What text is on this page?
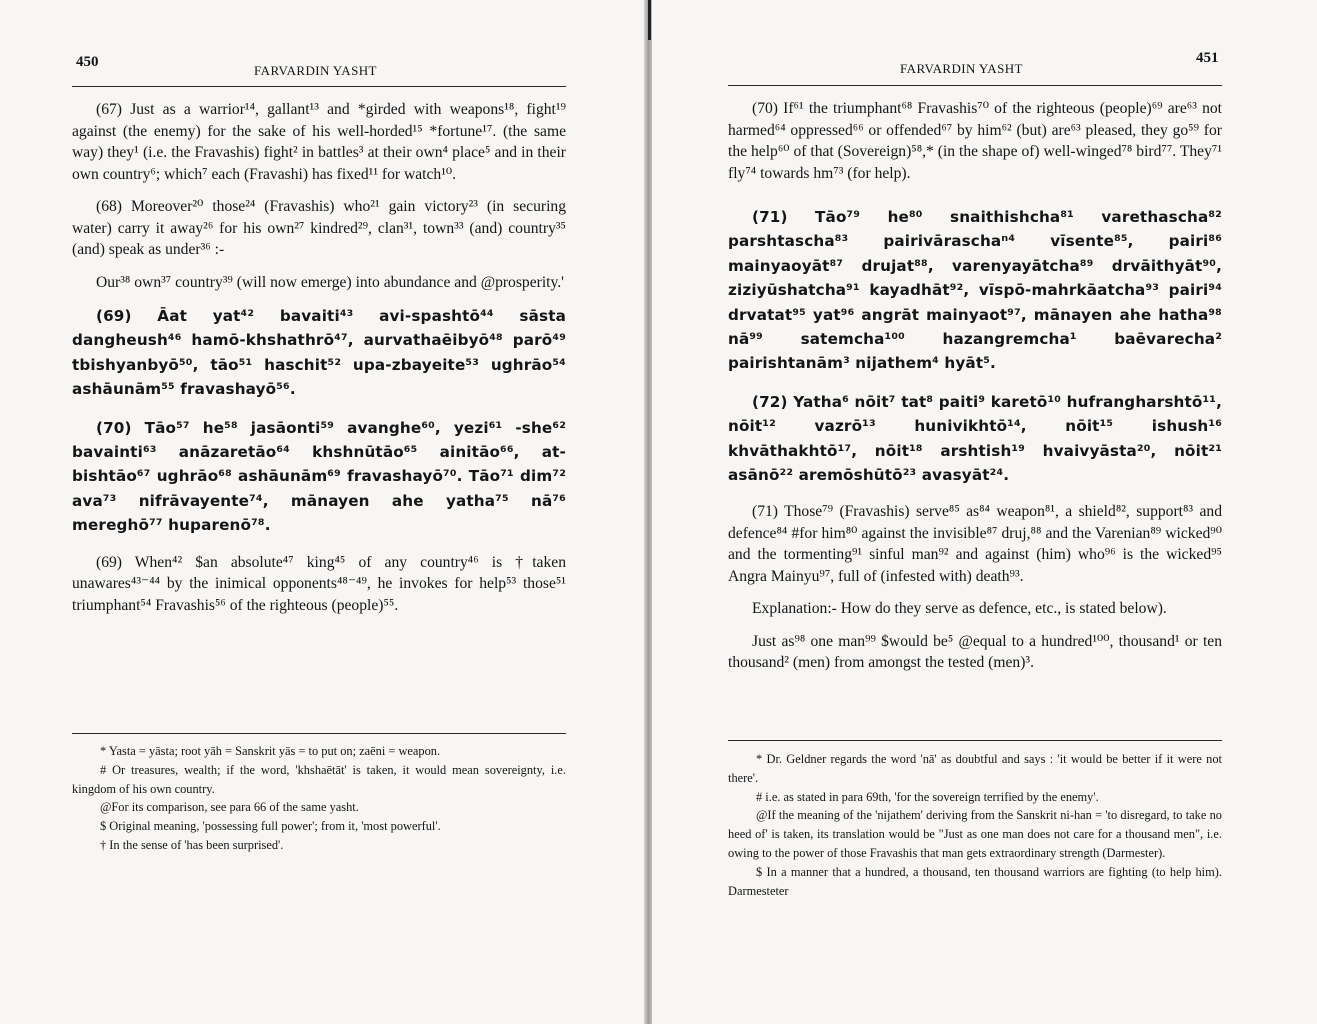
450
FARVARDIN YASHT

(67) Just as a warrior¹⁴, gallant¹³ and *girded with weapons¹⁸, fight¹⁹ against (the enemy) for the sake of his well-horded¹⁵ *fortune¹⁷. (the same way) they¹ (i.e. the Fravashis) fight² in battles³ at their own⁴ place⁵ and in their own country⁶; which⁷ each (Fravashi) has fixed¹¹ for watch¹⁰.

(68) Moreover²⁰ those²⁴ (Fravashis) who²¹ gain victory²³ (in securing water) carry it away²⁶ for his own²⁷ kindred²⁹, clan³¹, town³³ (and) country³⁵ (and) speak as under³⁶ :-

Our³⁸ own³⁷ country³⁹ (will now emerge) into abundance and @prosperity.'

(69) Āat yat⁴² bavaiti⁴³ avi-spashtō⁴⁴ sāsta dangheush⁴⁶ hamō-khshathrō⁴⁷, aurvathaēibyō⁴⁸ parō⁴⁹ tbishyanbyō⁵⁰, tāo⁵¹ haschit⁵² upa-zbayeite⁵³ ughrāo⁵⁴ ashāunām⁵⁵ fravashayō⁵⁶.

(70) Tāo⁵⁷ he⁵⁸ jasāonti⁵⁹ avanghe⁶⁰, yezi⁶¹ -she⁶² bavainti⁶³ anāzaretāo⁶⁴ khshnūtāo⁶⁵ ainitāo⁶⁶, at-bishtāo⁶⁷ ughrāo⁶⁸ ashāunām⁶⁹ fravashayō⁷⁰. Tāo⁷¹ dim⁷² ava⁷³ nifrāvayente⁷⁴, mānayen ahe yatha⁷⁵ nā⁷⁶ mereghō⁷⁷ huparenō⁷⁸.

(69) When⁴² $an absolute⁴⁷ king⁴⁵ of any country⁴⁶ is †taken unawares⁴³⁻⁴⁴ by the inimical opponents⁴⁸⁻⁴⁹, he invokes for help⁵³ those⁵¹ triumphant⁵⁴ Fravashis⁵⁶ of the righteous (people)⁵⁵.

* Yasta = yāsta; root yāh = Sanskrit yās = to put on; zaēni = weapon.

# Or treasures, wealth; if the word, 'khshaētāt' is taken, it would mean sovereignty, i.e. kingdom of his own country.

@For its comparison, see para 66 of the same yasht.

$ Original meaning, 'possessing full power'; from it, 'most powerful'.

† In the sense of 'has been surprised'.

451
FARVARDIN YASHT

(70) If⁶¹ the triumphant⁶⁸ Fravashis⁷⁰ of the righteous (people)⁶⁹ are⁶³ not harmed⁶⁴ oppressed⁶⁶ or offended⁶⁷ by him⁶² (but) are⁶³ pleased, they go⁵⁹ for the help⁶⁰ of that (Sovereign)⁵⁸,* (in the shape of) well-winged⁷⁸ bird⁷⁷. They⁷¹ fly⁷⁴ towards hm⁷³ (for help).

(71) Tāo⁷⁹ he⁸⁰ snaithishcha⁸¹ varethascha⁸² parshtascha⁸³ pairivāraschaⁿ⁴ vīsente⁸⁵, pairi⁸⁶ mainyaoyāt⁸⁷ drujat⁸⁸, varenyayātcha⁸⁹ drvāithyāt⁹⁰, ziziyūshatcha⁹¹ kayadhāt⁹², vīspō-mahrkāatcha⁹³ pairi⁹⁴ drvatat⁹⁵ yat⁹⁶ angrāt mainyaot⁹⁷, mānayen ahe hatha⁹⁸ nā⁹⁹ satemcha¹⁰⁰ hazangremcha¹ baēvarecha² pairishtanām³ nijathem⁴ hyāt⁵.

(72) Yatha⁶ nōit⁷ tat⁸ paiti⁹ karetō¹⁰ hufrangharshtō¹¹, nōit¹² vazrō¹³ hunivikhtō¹⁴, nōit¹⁵ ishush¹⁶ khvāthakhtō¹⁷, nōit¹⁸ arshtish¹⁹ hvaivyāsta²⁰, nōit²¹ asānō²² aremōshūtō²³ avasyāt²⁴.

(71) Those⁷⁹ (Fravashis) serve⁸⁵ as⁸⁴ weapon⁸¹, a shield⁸², support⁸³ and defence⁸⁴ #for him⁸⁰ against the invisible⁸⁷ druj,⁸⁸ and the Varenian⁸⁹ wicked⁹⁰ and the tormenting⁹¹ sinful man⁹² and against (him) who⁹⁶ is the wicked⁹⁵ Angra Mainyu⁹⁷, full of (infested with) death⁹³.

Explanation:- How do they serve as defence, etc., is stated below).

Just as⁹⁸ one man⁹⁹ $would be⁵ @equal to a hundred¹⁰⁰, thousand¹ or ten thousand² (men) from amongst the tested (men)³.

* Dr. Geldner regards the word 'nā' as doubtful and says : 'it would be better if it were not there'.

# i.e. as stated in para 69th, 'for the sovereign terrified by the enemy'.

@If the meaning of the 'nijathem' deriving from the Sanskrit ni-han = 'to disregard, to take no heed of' is taken, its translation would be "Just as one man does not care for a thousand men", i.e. owing to the power of those Fravashis that man gets extraordinary strength (Darmester).

$ In a manner that a hundred, a thousand, ten thousand warriors are fighting (to help him). Darmesteter
